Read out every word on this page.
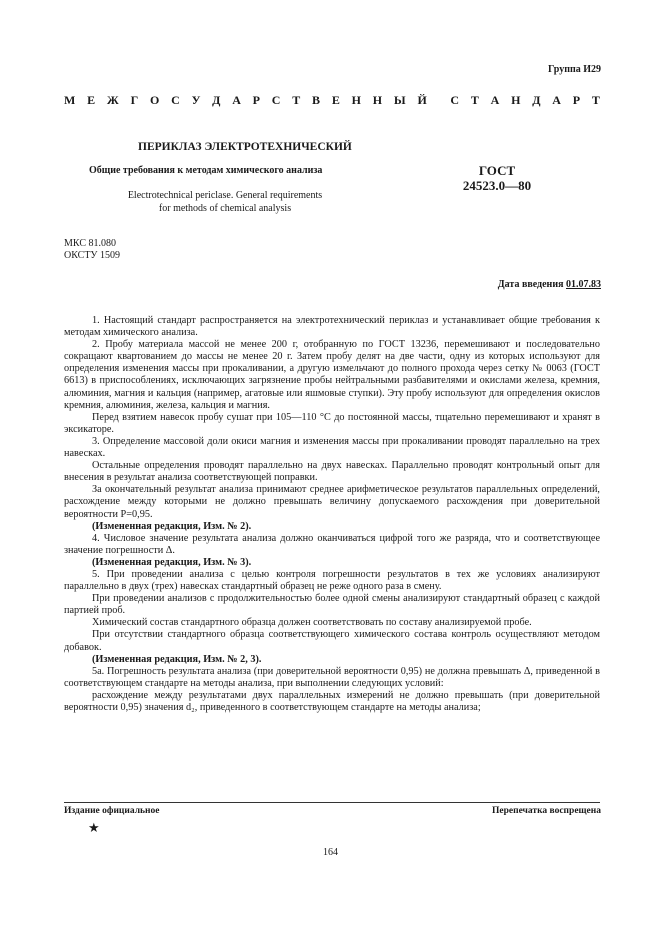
Группа И29
М Е Ж Г О С У Д А Р С Т В Е Н Н Ы Й С Т А Н Д А Р Т
ПЕРИКЛАЗ ЭЛЕКТРОТЕХНИЧЕСКИЙ
Общие требования к методам химического анализа	ГОСТ
24523.0—80
Electrotechnical periclase. General requirements
for methods of chemical analysis
МКС 81.080
ОКСТУ 1509
Дата введения 01.07.83

1. Настоящий стандарт распространяется на электротехнический периклаз и устанавливает общие требования к методам химического анализа.

2. Пробу материала массой не менее 200 г, отобранную по ГОСТ 13236, перемешивают и последовательно сокращают квартованием до массы не менее 20 г. Затем пробу делят на две части, одну из которых используют для определения изменения массы при прокаливании, а другую измельчают до полного прохода через сетку № 0063 (ГОСТ 6613) в приспособлениях, исключающих загрязнение пробы нейтральными разбавителями и окислами железа, кремния, алюминия, магния и кальция (например, агатовые или яшмовые ступки). Эту пробу используют для определения окислов кремния, алюминия, железа, кальция и магния.

Перед взятием навесок пробу сушат при 105—110 °С до постоянной массы, тщательно перемешивают и хранят в эксикаторе.

3. Определение массовой доли окиси магния и изменения массы при прокаливании проводят параллельно на трех навесках.

Остальные определения проводят параллельно на двух навесках. Параллельно проводят контрольный опыт для внесения в результат анализа соответствующей поправки.

За окончательный результат анализа принимают среднее арифметическое результатов параллельных определений, расхождение между которыми не должно превышать величину допускаемого расхождения при доверительной вероятности P=0,95.

(Измененная редакция, Изм. № 2).

4. Числовое значение результата анализа должно оканчиваться цифрой того же разряда, что и соответствующее значение погрешности Δ.

(Измененная редакция, Изм. № 3).

5. При проведении анализа с целью контроля погрешности результатов в тех же условиях анализируют параллельно в двух (трех) навесках стандартный образец не реже одного раза в смену.

При проведении анализов с продолжительностью более одной смены анализируют стандартный образец с каждой партией проб.

Химический состав стандартного образца должен соответствовать по составу анализируемой пробе.

При отсутствии стандартного образца соответствующего химического состава контроль осуществляют методом добавок.

(Измененная редакция, Изм. № 2, 3).

5а. Погрешность результата анализа (при доверительной вероятности 0,95) не должна превышать Δ, приведенной в соответствующем стандарте на методы анализа, при выполнении следующих условий:

расхождение между результатами двух параллельных измерений не должно превышать (при доверительной вероятности 0,95) значения d₂, приведенного в соответствующем стандарте на методы анализа;

Издание официальное	Перепечатка воспрещена
★
164
